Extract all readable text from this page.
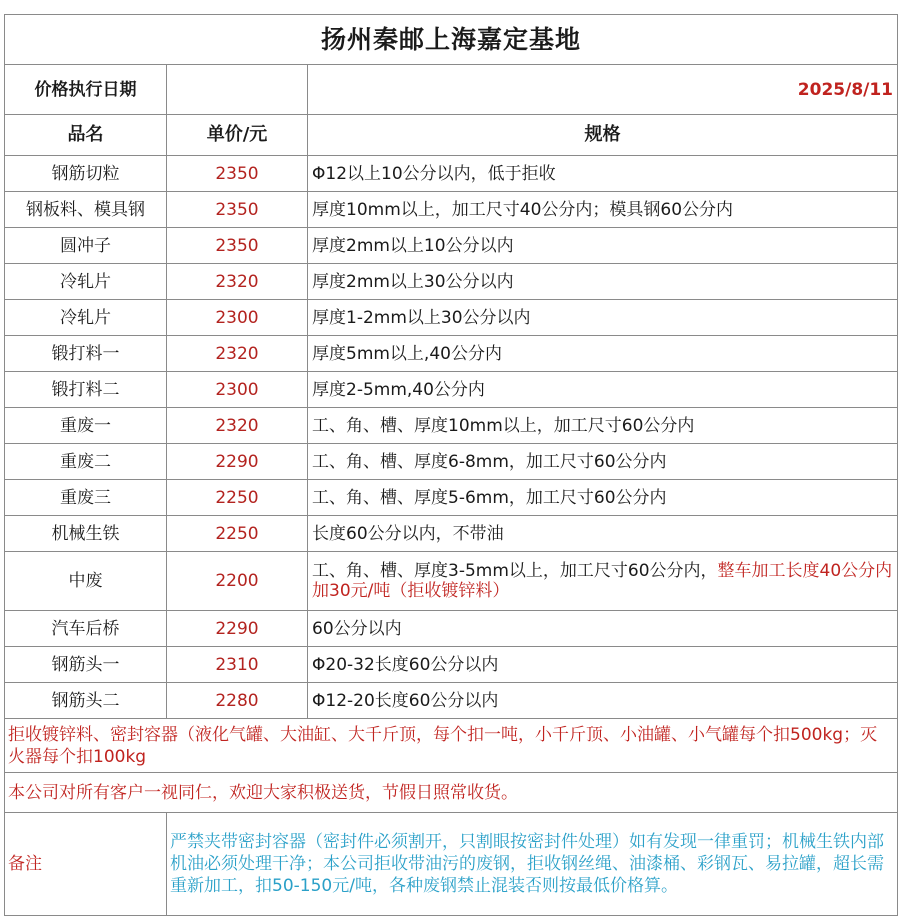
扬州秦邮上海嘉定基地		
价格执行日期		2025/8/11
品名	单价/元	规格
钢筋切粒	2350	Φ12以上10公分以内，低于拒收
钢板料、模具钢	2350	厚度10mm以上，加工尺寸40公分内；模具钢60公分内
圆冲子	2350	厚度2mm以上10公分以内
冷轧片	2320	厚度2mm以上30公分以内
冷轧片	2300	厚度1-2mm以上30公分以内
锻打料一	2320	厚度5mm以上,40公分内
锻打料二	2300	厚度2-5mm,40公分内
重废一	2320	工、角、槽、厚度10mm以上，加工尺寸60公分内
重废二	2290	工、角、槽、厚度6-8mm，加工尺寸60公分内
重废三	2250	工、角、槽、厚度5-6mm，加工尺寸60公分内
机械生铁	2250	长度60公分以内，不带油
中废	2200	工、角、槽、厚度3-5mm以上，加工尺寸60公分内，整车加工长度40公分内加30元/吨（拒收镀锌料）
汽车后桥	2290	60公分以内
钢筋头一	2310	Φ20-32长度60公分以内
钢筋头二	2280	Φ12-20长度60公分以内
拒收镀锌料、密封容器（液化气罐、大油缸、大千斤顶，每个扣一吨，小千斤顶、小油罐、小气罐每个扣500kg；灭火器每个扣100kg		
本公司对所有客户一视同仁，欢迎大家积极送货，节假日照常收货。		
备注	严禁夹带密封容器（密封件必须割开，只割眼按密封件处理）如有发现一律重罚；机械生铁内部机油必须处理干净；本公司拒收带油污的废钢，拒收钢丝绳、油漆桶、彩钢瓦、易拉罐，超长需重新加工，扣50-150元/吨，各种废钢禁止混装否则按最低价格算。	
